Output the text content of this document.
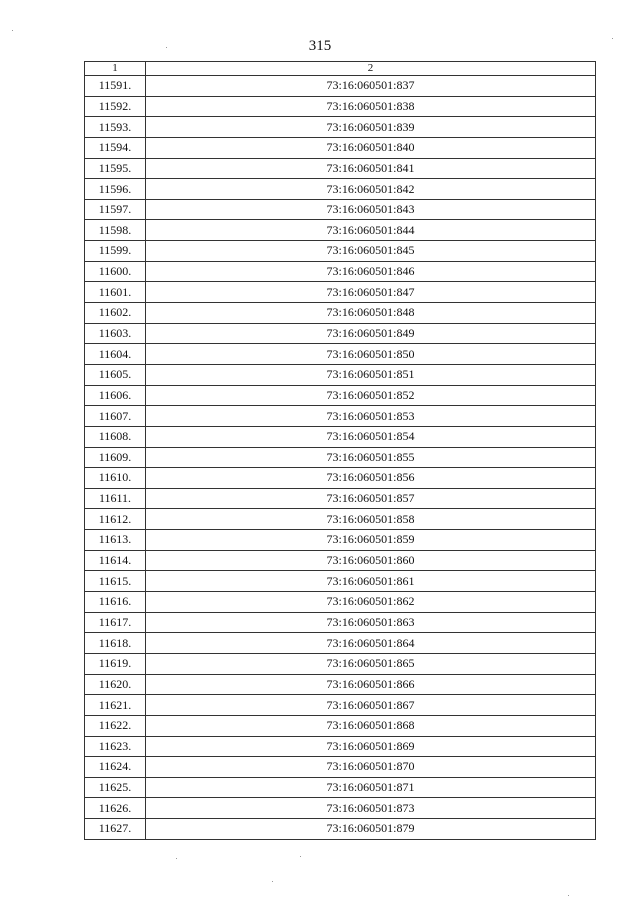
315
1	2
11591.	73:16:060501:837
11592.	73:16:060501:838
11593.	73:16:060501:839
11594.	73:16:060501:840
11595.	73:16:060501:841
11596.	73:16:060501:842
11597.	73:16:060501:843
11598.	73:16:060501:844
11599.	73:16:060501:845
11600.	73:16:060501:846
11601.	73:16:060501:847
11602.	73:16:060501:848
11603.	73:16:060501:849
11604.	73:16:060501:850
11605.	73:16:060501:851
11606.	73:16:060501:852
11607.	73:16:060501:853
11608.	73:16:060501:854
11609.	73:16:060501:855
11610.	73:16:060501:856
11611.	73:16:060501:857
11612.	73:16:060501:858
11613.	73:16:060501:859
11614.	73:16:060501:860
11615.	73:16:060501:861
11616.	73:16:060501:862
11617.	73:16:060501:863
11618.	73:16:060501:864
11619.	73:16:060501:865
11620.	73:16:060501:866
11621.	73:16:060501:867
11622.	73:16:060501:868
11623.	73:16:060501:869
11624.	73:16:060501:870
11625.	73:16:060501:871
11626.	73:16:060501:873
11627.	73:16:060501:879
